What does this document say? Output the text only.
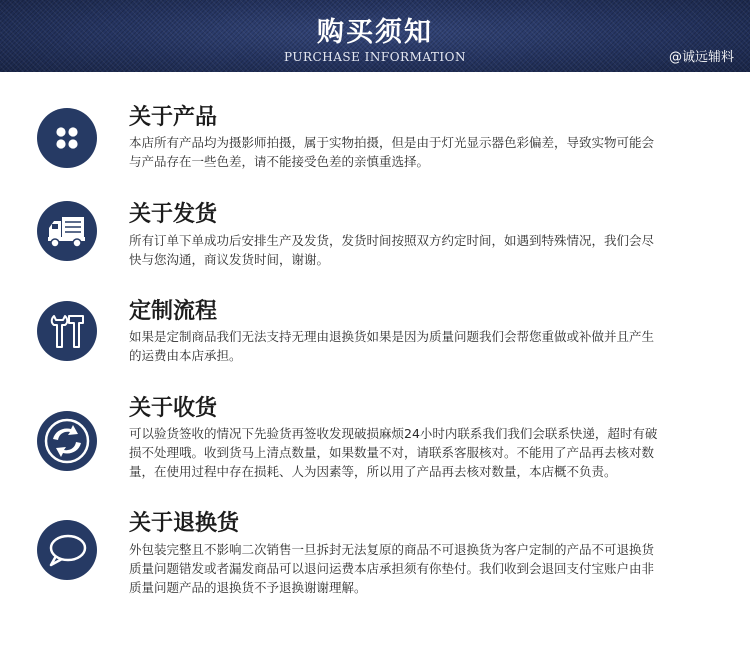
购买须知
PURCHASE INFORMATION	@诚远辅料
关于产品

本店所有产品均为摄影师拍摄，属于实物拍摄，但是由于灯光显示器色彩偏差，导致实物可能会
与产品存在一些色差，请不能接受色差的亲慎重选择。

关于发货

所有订单下单成功后安排生产及发货，发货时间按照双方约定时间，如遇到特殊情况，我们会尽
快与您沟通，商议发货时间，谢谢。

定制流程

如果是定制商品我们无法支持无理由退换货如果是因为质量问题我们会帮您重做或补做并且产生
的运费由本店承担。

关于收货

可以验货签收的情况下先验货再签收发现破损麻烦24小时内联系我们我们会联系快递，超时有破
损不处理哦。收到货马上清点数量，如果数量不对，请联系客服核对。不能用了产品再去核对数
量，在使用过程中存在损耗、人为因素等，所以用了产品再去核对数量，本店概不负责。

关于退换货

外包装完整且不影响二次销售一旦拆封无法复原的商品不可退换货为客户定制的产品不可退换货
质量问题错发或者漏发商品可以退问运费本店承担须有你垫付。我们收到会退回支付宝账户由非
质量问题产品的退换货不予退换谢谢理解。
